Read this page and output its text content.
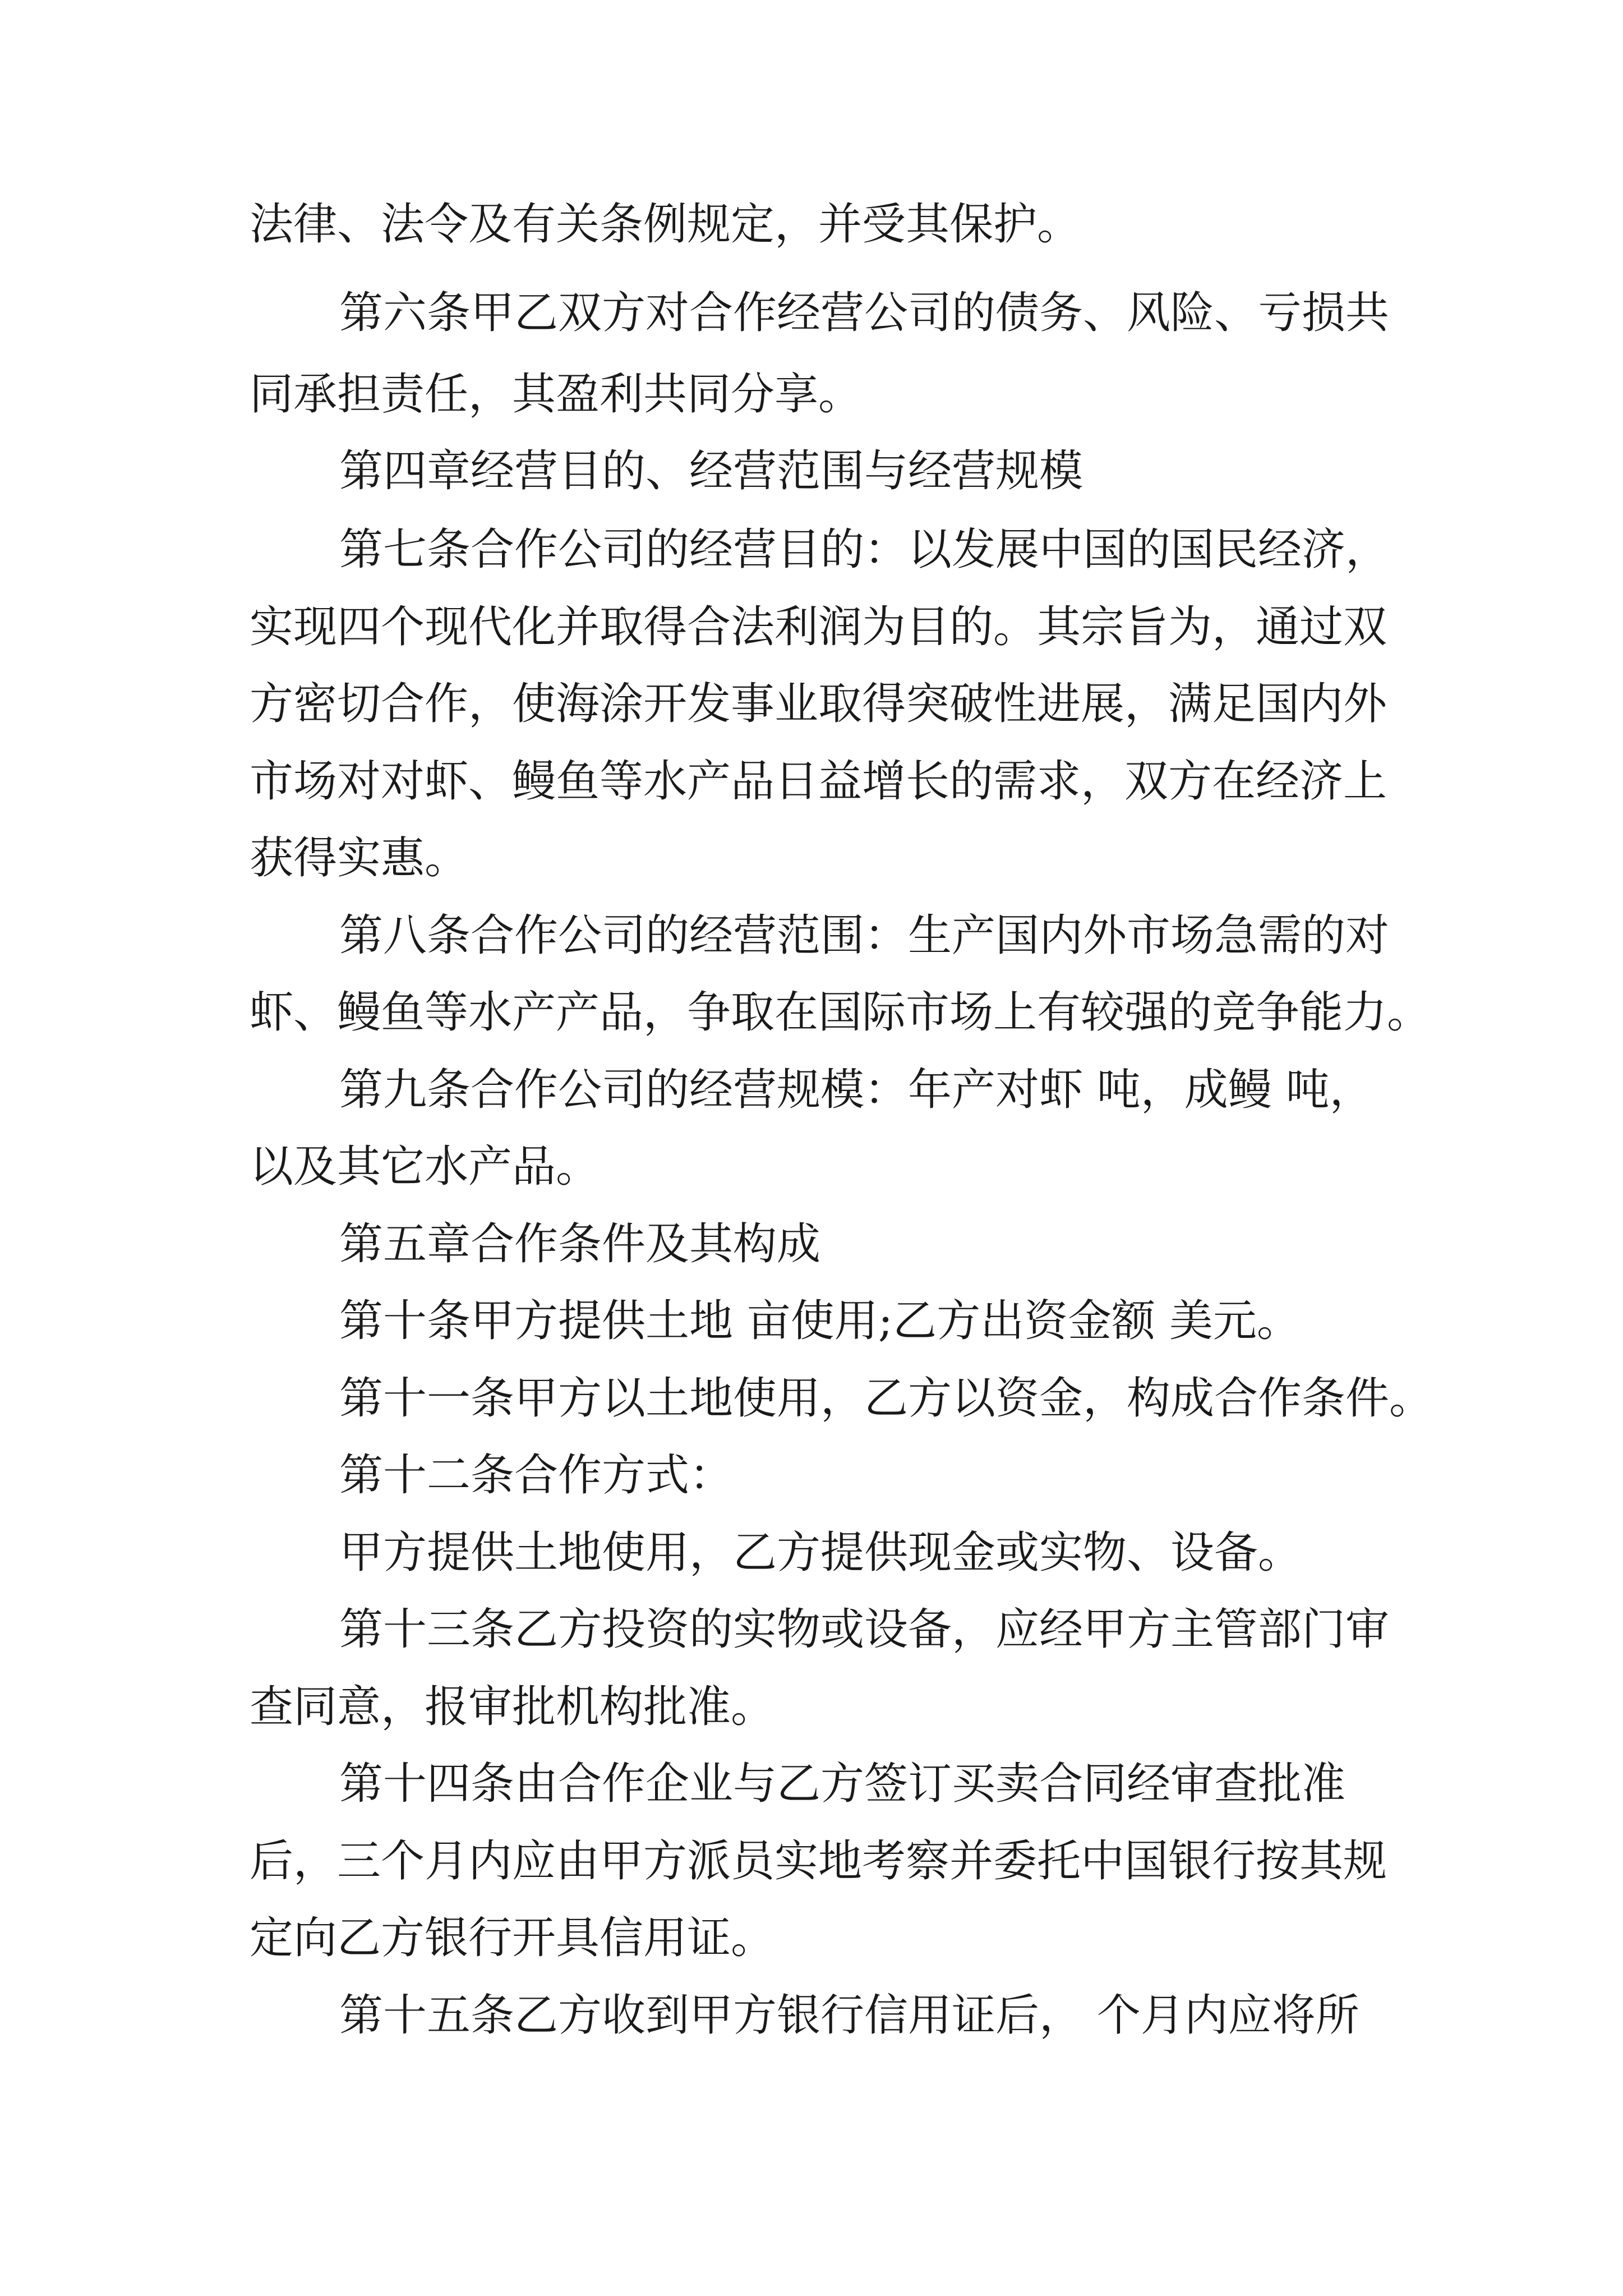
法律、法令及有关条例规定，并受其保护。

第六条甲乙双方对合作经营公司的债务、风险、亏损共

同承担责任，其盈利共同分享。

第四章经营目的、经营范围与经营规模

第七条合作公司的经营目的：以发展中国的国民经济，

实现四个现代化并取得合法利润为目的。其宗旨为，通过双

方密切合作，使海涂开发事业取得突破性进展，满足国内外

市场对对虾、鳗鱼等水产品日益增长的需求，双方在经济上

获得实惠。

第八条合作公司的经营范围：生产国内外市场急需的对

虾、鳗鱼等水产产品，争取在国际市场上有较强的竞争能力。

第九条合作公司的经营规模：年产对虾 吨，成鳗 吨，

以及其它水产品。

第五章合作条件及其构成

第十条甲方提供土地 亩使用;乙方出资金额 美元。

第十一条甲方以土地使用，乙方以资金，构成合作条件。

第十二条合作方式：

甲方提供土地使用，乙方提供现金或实物、设备。

第十三条乙方投资的实物或设备，应经甲方主管部门审

查同意，报审批机构批准。

第十四条由合作企业与乙方签订买卖合同经审查批准

后，三个月内应由甲方派员实地考察并委托中国银行按其规

定向乙方银行开具信用证。

第十五条乙方收到甲方银行信用证后， 个月内应将所
